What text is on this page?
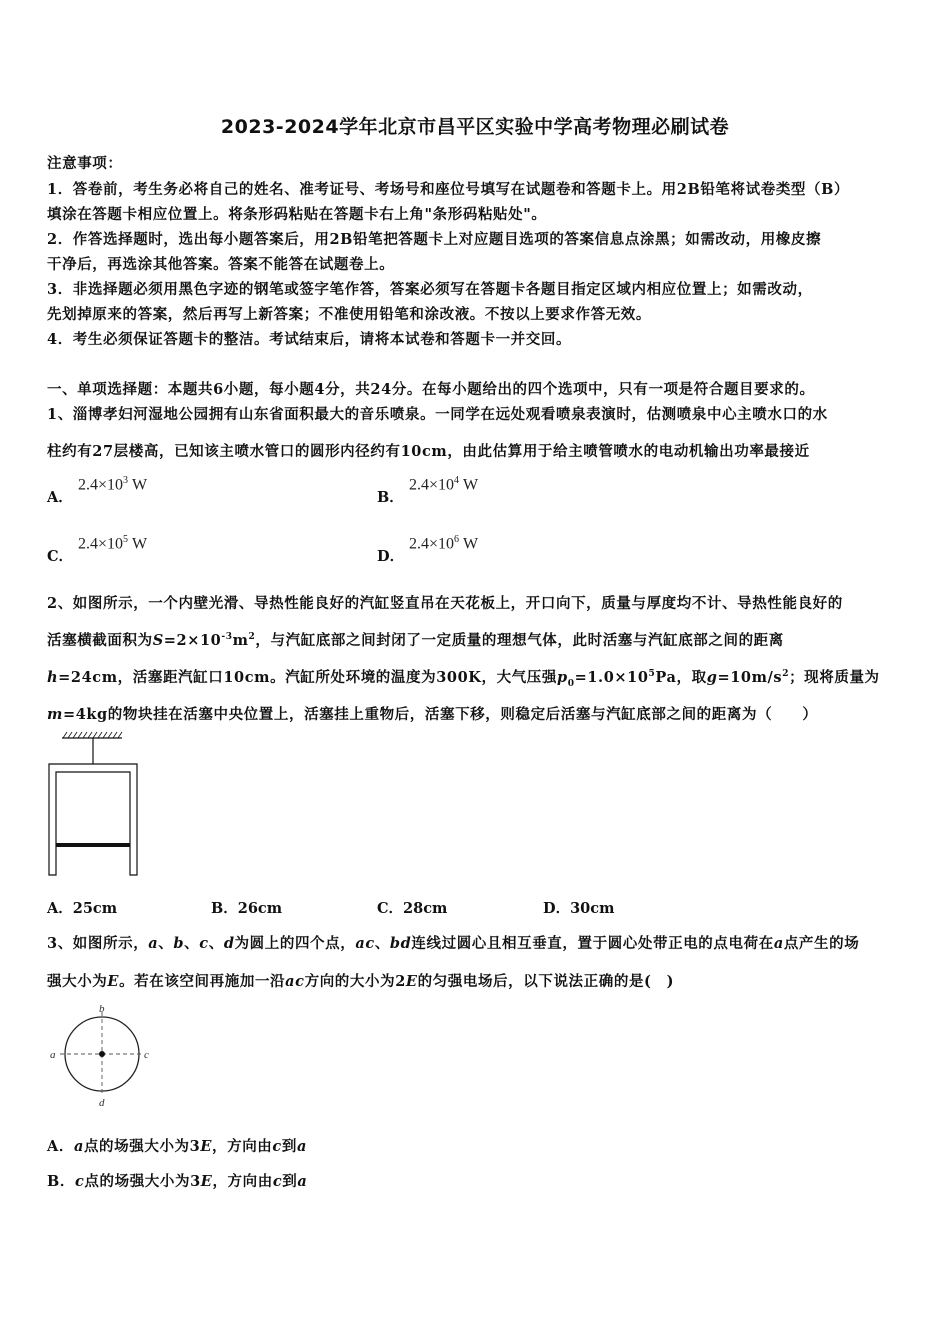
2023-2024学年北京市昌平区实验中学高考物理必刷试卷
注意事项：
1．答卷前，考生务必将自己的姓名、准考证号、考场号和座位号填写在试题卷和答题卡上。用2B铅笔将试卷类型（B）
填涂在答题卡相应位置上。将条形码粘贴在答题卡右上角"条形码粘贴处"。
2．作答选择题时，选出每小题答案后，用2B铅笔把答题卡上对应题目选项的答案信息点涂黑；如需改动，用橡皮擦
干净后，再选涂其他答案。答案不能答在试题卷上。
3．非选择题必须用黑色字迹的钢笔或签字笔作答，答案必须写在答题卡各题目指定区域内相应位置上；如需改动，
先划掉原来的答案，然后再写上新答案；不准使用铅笔和涂改液。不按以上要求作答无效。
4．考生必须保证答题卡的整洁。考试结束后，请将本试卷和答题卡一并交回。
一、单项选择题：本题共6小题，每小题4分，共24分。在每小题给出的四个选项中，只有一项是符合题目要求的。
1、淄博孝妇河湿地公园拥有山东省面积最大的音乐喷泉。一同学在远处观看喷泉表演时，估测喷泉中心主喷水口的水
柱约有27层楼高，已知该主喷水管口的圆形内径约有10cm，由此估算用于给主喷管喷水的电动机输出功率最接近
A．
$2.4\times 10^3$ W
B．
$2.4\times 10^4$ W
C．
$2.4\times 10^5$ W
D．
$2.4\times 10^6$ W
2、如图所示，一个内壁光滑、导热性能良好的汽缸竖直吊在天花板上，开口向下，质量与厚度均不计、导热性能良好的
活塞横截面积为$S=2\times 10^{-3}m^2$，与汽缸底部之间封闭了一定质量的理想气体，此时活塞与汽缸底部之间的距离
h=24cm，活塞距汽缸口10cm。汽缸所处环境的温度为300K，大气压强$p_0=1.0\times 10^5Pa$，取$g=10m/s^2$；现将质量为
m=4kg的物块挂在活塞中央位置上，活塞挂上重物后，活塞下移，则稳定后活塞与汽缸底部之间的距离为（　　）
A．25cm	B．26cm	C．28cm	D．30cm
3、如图所示，a、b、c、d为圆上的四个点，ac、bd连线过圆心且相互垂直，置于圆心处带正电的点电荷在a点产生的场
强大小为E。若在该空间再施加一沿ac方向的大小为2E的匀强电场后，以下说法正确的是(　)
b
a	c
d
A．a点的场强大小为3E，方向由c到a
B．c点的场强大小为3E，方向由c到a
